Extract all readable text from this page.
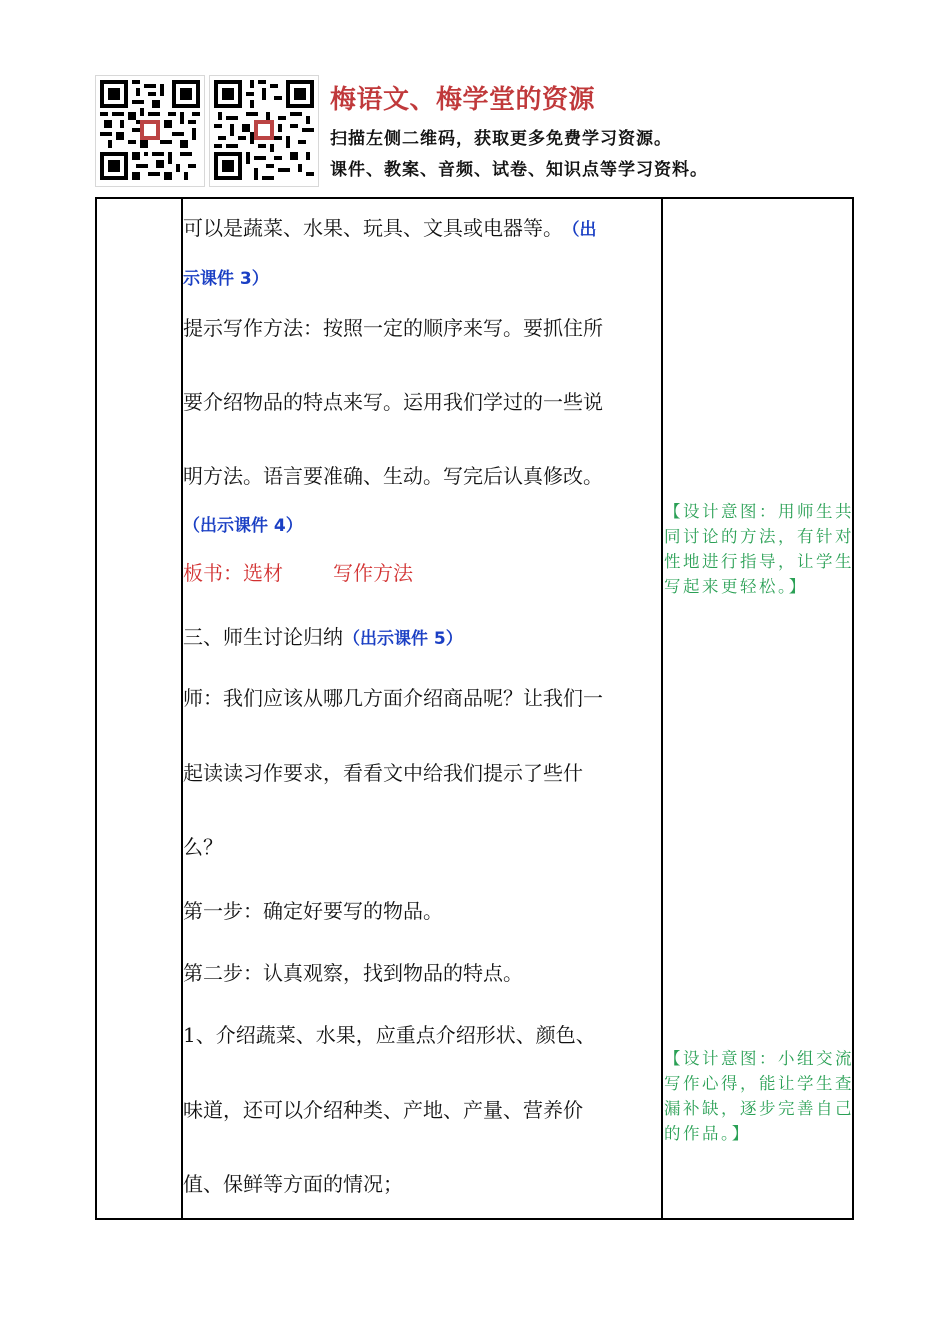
梅语文、梅学堂的资源
扫描左侧二维码，获取更多免费学习资源。
课件、教案、音频、试卷、知识点等学习资料。
可以是蔬菜、水果、玩具、文具或电器等。 （出
示课件 3）
提示写作方法：按照一定的顺序来写。要抓住所
要介绍物品的特点来写。运用我们学过的一些说
明方法。语言要准确、生动。写完后认真修改。
（出示课件 4）
板书：选材	写作方法
三、师生讨论归纳（出示课件 5）
师：我们应该从哪几方面介绍商品呢？让我们一
起读读习作要求，看看文中给我们提示了些什
么？
第一步：确定好要写的物品。
第二步：认真观察，找到物品的特点。
1、介绍蔬菜、水果，应重点介绍形状、颜色、
味道，还可以介绍种类、产地、产量、营养价
值、保鲜等方面的情况；
【设计意图：用师生共同讨论的方法，有针对性地进行指导，让学生写起来更轻松。】
【设计意图：小组交流写作心得，能让学生查漏补缺，逐步完善自己的作品。】
